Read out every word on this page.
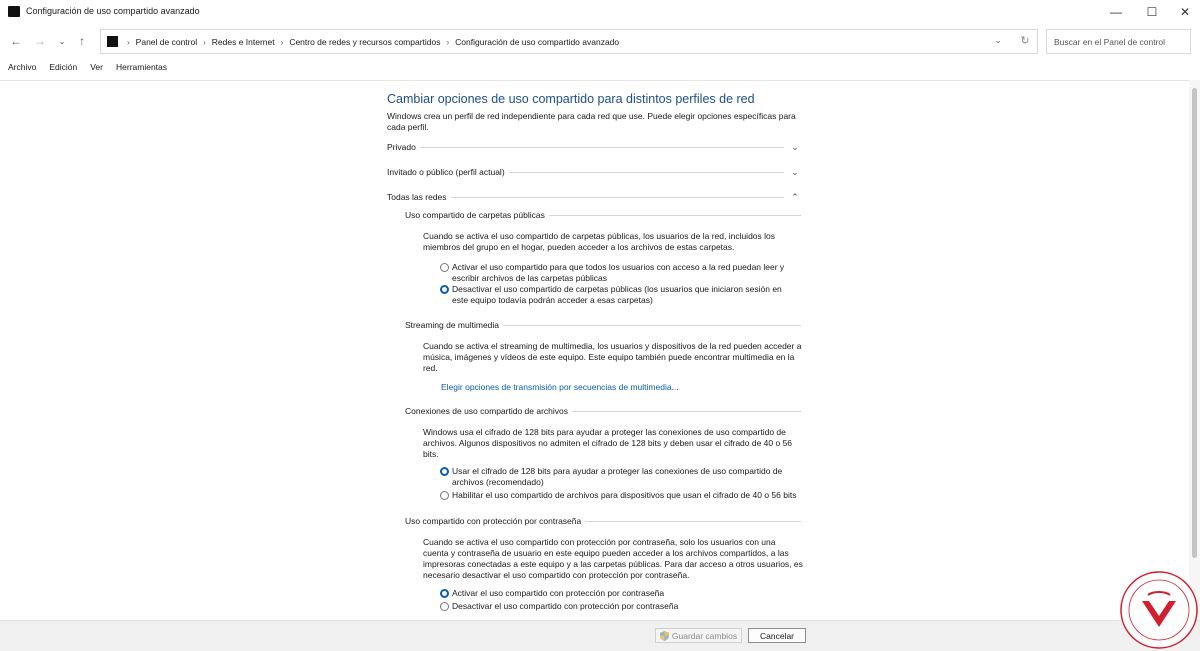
Configuración de uso compartido avanzado	—	☐	✕
← →	⌄	↑	› Panel de control › Redes e Internet › Centro de redes y recursos compartidos › Configuración de uso compartido avanzado	⌄ ↻	Buscar en el Panel de control
Archivo	Edición	Ver	Herramientas
Cambiar opciones de uso compartido para distintos perfiles de red
Windows crea un perfil de red independiente para cada red que use. Puede elegir opciones específicas para cada perfil.
Privado	⌄
Invitado o público (perfil actual)	⌄
Todas las redes	⌃
Uso compartido de carpetas públicas
Cuando se activa el uso compartido de carpetas públicas, los usuarios de la red, incluidos los miembros del grupo en el hogar, pueden acceder a los archivos de estas carpetas.
Activar el uso compartido para que todos los usuarios con acceso a la red puedan leer y escribir archivos de las carpetas públicas
Desactivar el uso compartido de carpetas públicas (los usuarios que iniciaron sesión en este equipo todavía podrán acceder a esas carpetas)
Streaming de multimedia
Cuando se activa el streaming de multimedia, los usuarios y dispositivos de la red pueden acceder a música, imágenes y vídeos de este equipo. Este equipo también puede encontrar multimedia en la red.
Elegir opciones de transmisión por secuencias de multimedia...
Conexiones de uso compartido de archivos
Windows usa el cifrado de 128 bits para ayudar a proteger las conexiones de uso compartido de archivos. Algunos dispositivos no admiten el cifrado de 128 bits y deben usar el cifrado de 40 o 56 bits.
Usar el cifrado de 128 bits para ayudar a proteger las conexiones de uso compartido de archivos (recomendado)
Habilitar el uso compartido de archivos para dispositivos que usan el cifrado de 40 o 56 bits
Uso compartido con protección por contraseña
Cuando se activa el uso compartido con protección por contraseña, solo los usuarios con una cuenta y contraseña de usuario en este equipo pueden acceder a los archivos compartidos, a las impresoras conectadas a este equipo y a las carpetas públicas. Para dar acceso a otros usuarios, es necesario desactivar el uso compartido con protección por contraseña.
Activar el uso compartido con protección por contraseña
Desactivar el uso compartido con protección por contraseña
Guardar cambios	Cancelar
